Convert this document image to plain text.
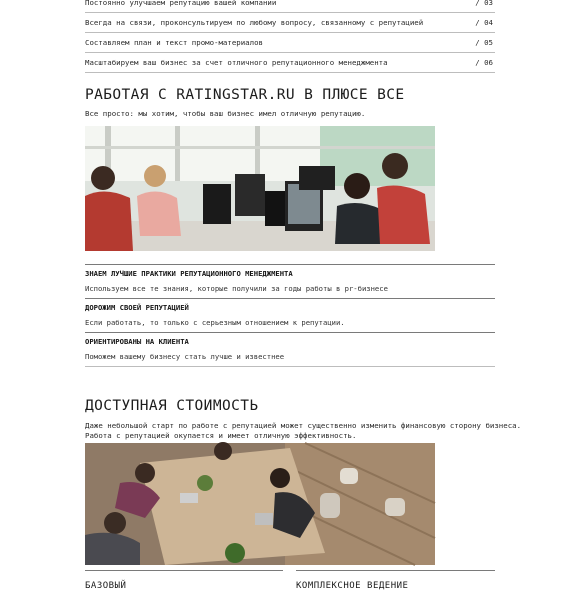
Постоянно улучшаем репутацию вашей компании	/ 03
Всегда на связи, проконсультируем по любому вопросу, связанному с репутацией	/ 04
Составляем план и текст промо-материалов	/ 05
Масштабируем ваш бизнес за счет отличного репутационного менеджмента	/ 06
РАБОТАЯ С RATINGSTAR.RU В ПЛЮСЕ ВСЕ
Все просто: мы хотим, чтобы ваш бизнес имел отличную репутацию.
ЗНАЕМ ЛУЧШИЕ ПРАКТИКИ РЕПУТАЦИОННОГО МЕНЕДЖМЕНТА
Используем все те знания, которые получили за годы работы в pr-бизнесе
ДОРОЖИМ СВОЕЙ РЕПУТАЦИЕЙ
Если работать, то только с серьезным отношением к репутации.
ОРИЕНТИРОВАНЫ НА КЛИЕНТА
Поможем вашему бизнесу стать лучше и известнее
ДОСТУПНАЯ СТОИМОСТЬ
Даже небольшой старт по работе с репутацией может существенно изменить финансовую сторону бизнеса.
Работа с репутацией окупается и имеет отличную эффективность.
БАЗОВЫЙ	КОМПЛЕКСНОЕ ВЕДЕНИЕ
